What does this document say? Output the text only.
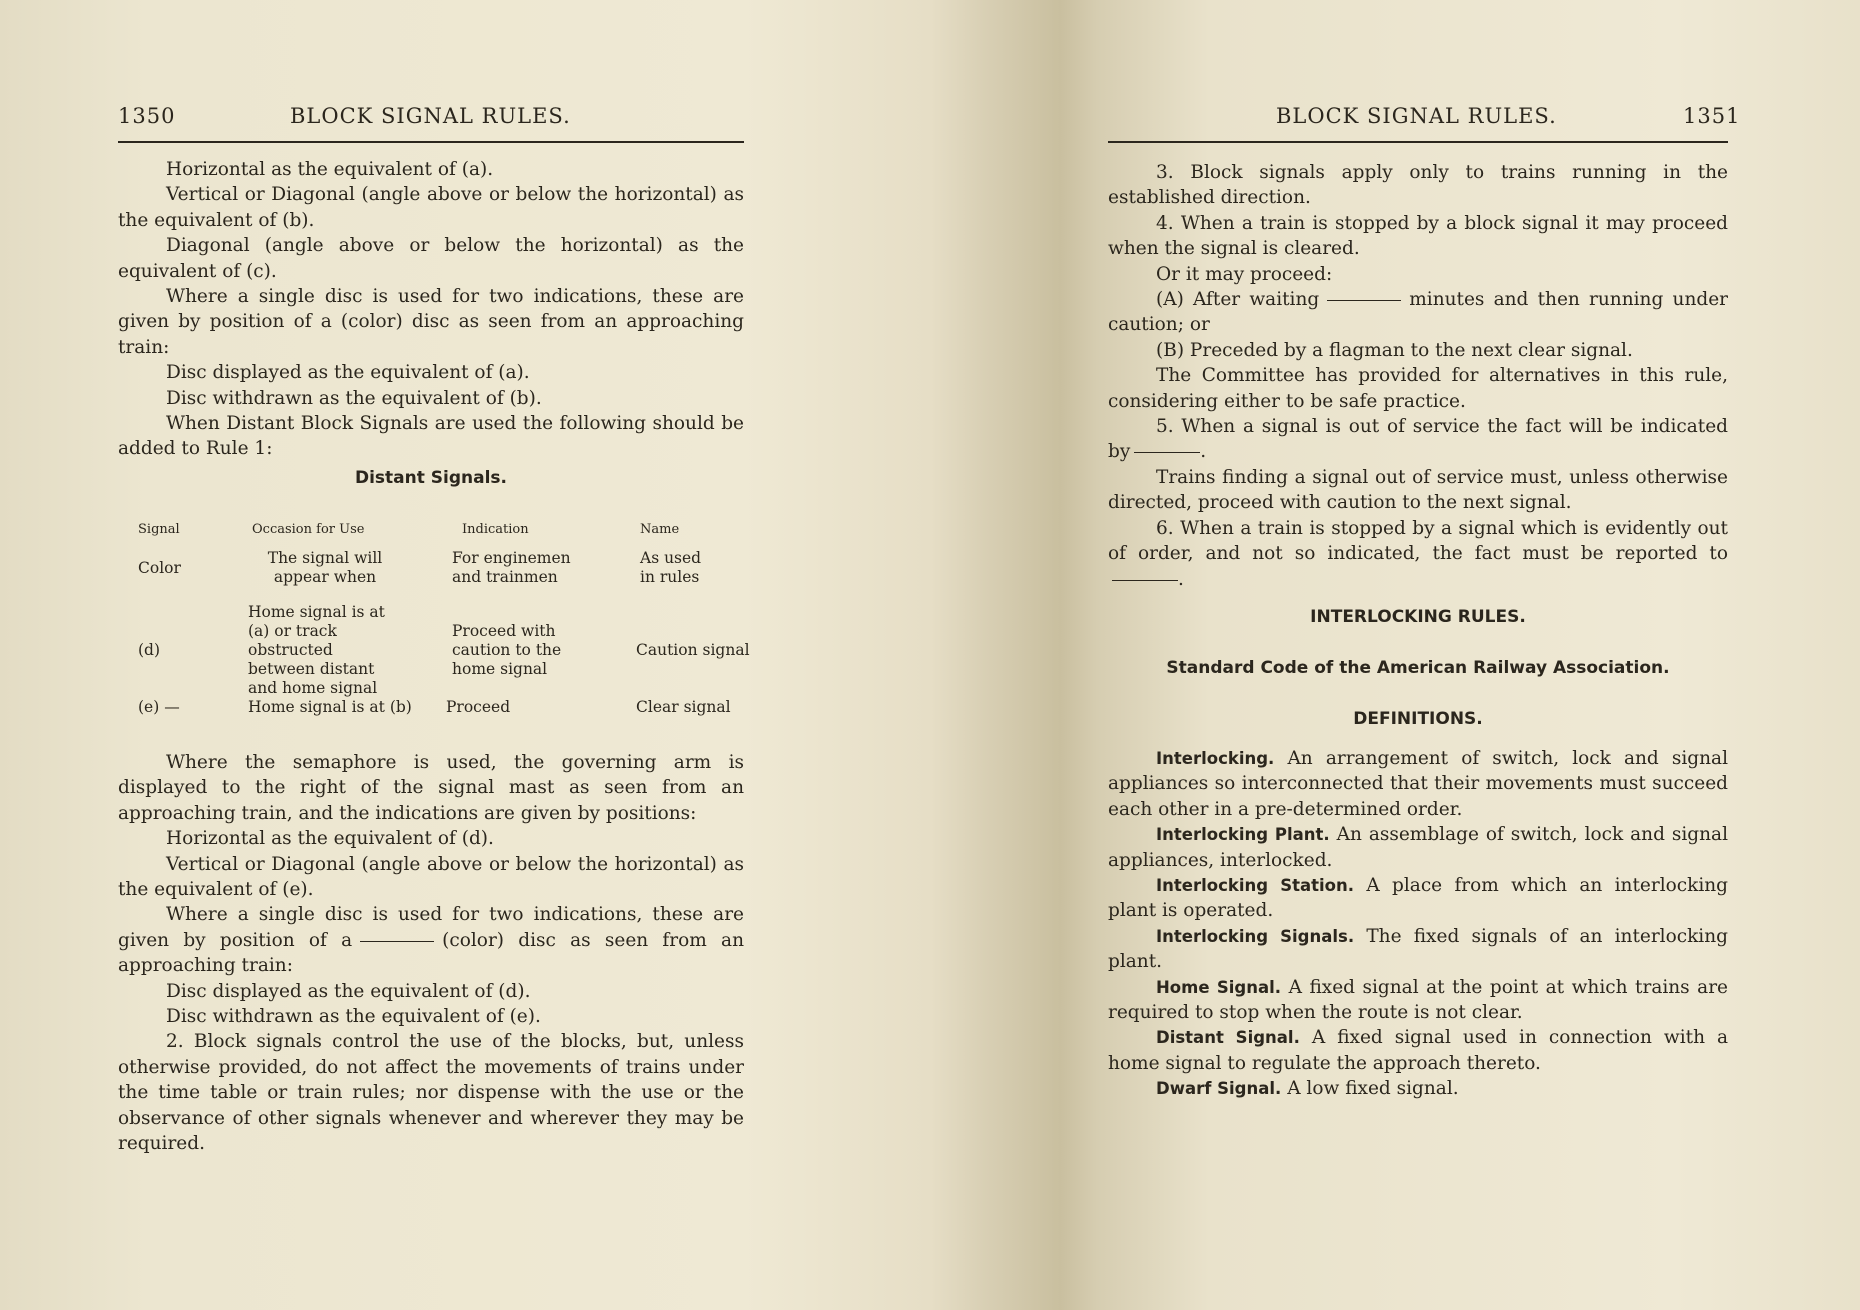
1350	BLOCK SIGNAL RULES.

Horizontal as the equivalent of (a).

Vertical or Diagonal (angle above or below the horizontal) as the equivalent of (b).

Diagonal (angle above or below the horizontal) as the equivalent of (c).

Where a single disc is used for two indications, these are given by position of a (color) disc as seen from an approaching train:

Disc displayed as the equivalent of (a).

Disc withdrawn as the equivalent of (b).

When Distant Block Signals are used the following should be added to Rule 1:

Distant Signals.
Signal	Occasion for Use	Indication	Name
Color	The signal will appear when	For enginemen and trainmen	As used in rules
(d)	Home signal is at (a) or track obstructed between distant and home signal	Proceed with caution to the home signal	Caution signal
(e) —	Home signal is at (b)	Proceed	Clear signal

Where the semaphore is used, the governing arm is displayed to the right of the signal mast as seen from an approaching train, and the indications are given by positions:

Horizontal as the equivalent of (d).

Vertical or Diagonal (angle above or below the horizontal) as the equivalent of (e).

Where a single disc is used for two indications, these are given by position of a	(color) disc as seen from an approaching train:

Disc displayed as the equivalent of (d).

Disc withdrawn as the equivalent of (e).

2. Block signals control the use of the blocks, but, unless otherwise provided, do not affect the movements of trains under the time table or train rules; nor dispense with the use or the observance of other signals whenever and wherever they may be required.

BLOCK SIGNAL RULES.	1351

3. Block signals apply only to trains running in the established direction.

4. When a train is stopped by a block signal it may proceed when the signal is cleared.

Or it may proceed:

(A) After waiting	minutes and then running under caution; or

(B) Preceded by a flagman to the next clear signal.

The Committee has provided for alternatives in this rule, considering either to be safe practice.

5. When a signal is out of service the fact will be indicated by	.

Trains finding a signal out of service must, unless otherwise directed, proceed with caution to the next signal.

6. When a train is stopped by a signal which is evidently out of order, and not so indicated, the fact must be reported to.

INTERLOCKING RULES.
Standard Code of the American Railway Association.
DEFINITIONS.

Interlocking. An arrangement of switch, lock and signal appliances so interconnected that their movements must succeed each other in a pre-determined order.

Interlocking Plant. An assemblage of switch, lock and signal appliances, interlocked.

Interlocking Station. A place from which an interlocking plant is operated.

Interlocking Signals. The fixed signals of an interlocking plant.

Home Signal. A fixed signal at the point at which trains are required to stop when the route is not clear.

Distant Signal. A fixed signal used in connection with a home signal to regulate the approach thereto.

Dwarf Signal. A low fixed signal.
